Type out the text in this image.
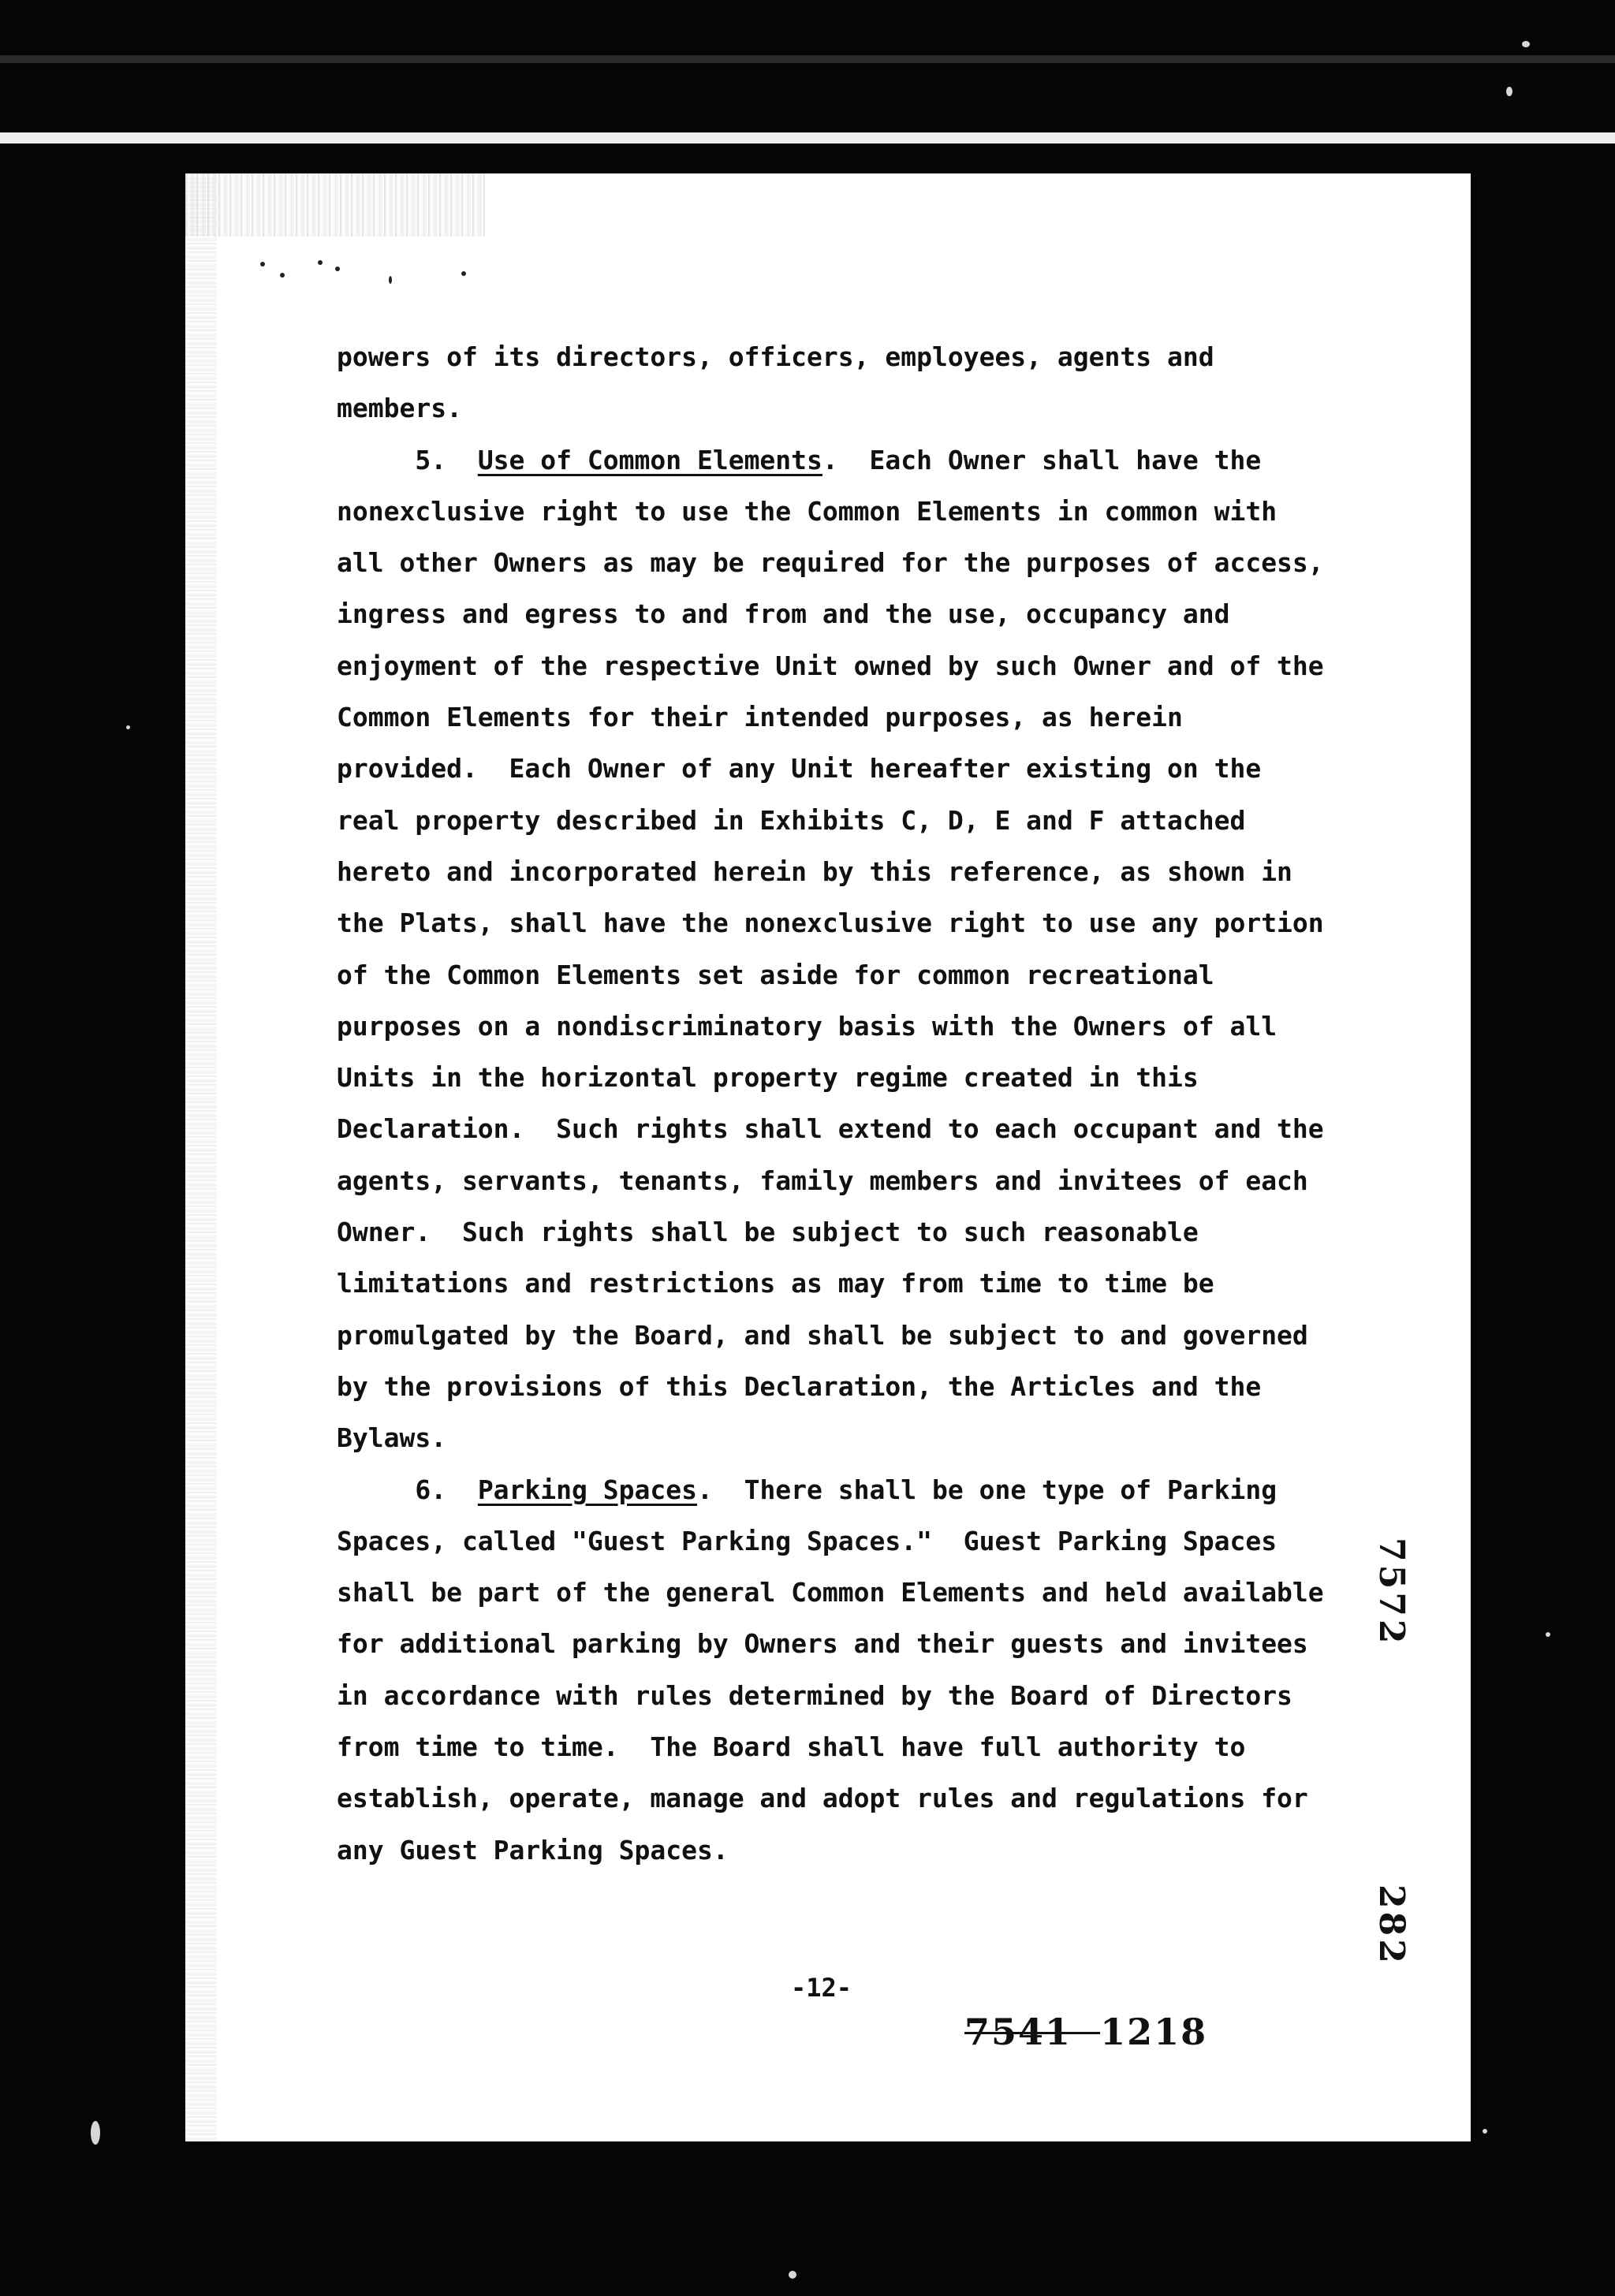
powers of its directors, officers, employees, agents and
members.
5.  Use of Common Elements.  Each Owner shall have the
nonexclusive right to use the Common Elements in common with
all other Owners as may be required for the purposes of access,
ingress and egress to and from and the use, occupancy and
enjoyment of the respective Unit owned by such Owner and of the
Common Elements for their intended purposes, as herein
provided.  Each Owner of any Unit hereafter existing on the
real property described in Exhibits C, D, E and F attached
hereto and incorporated herein by this reference, as shown in
the Plats, shall have the nonexclusive right to use any portion
of the Common Elements set aside for common recreational
purposes on a nondiscriminatory basis with the Owners of all
Units in the horizontal property regime created in this
Declaration.  Such rights shall extend to each occupant and the
agents, servants, tenants, family members and invitees of each
Owner.  Such rights shall be subject to such reasonable
limitations and restrictions as may from time to time be
promulgated by the Board, and shall be subject to and governed
by the provisions of this Declaration, the Articles and the
Bylaws.
6.  Parking Spaces.  There shall be one type of Parking
Spaces, called "Guest Parking Spaces."  Guest Parking Spaces
shall be part of the general Common Elements and held available
for additional parking by Owners and their guests and invitees
in accordance with rules determined by the Board of Directors
from time to time.  The Board shall have full authority to
establish, operate, manage and adopt rules and regulations for
any Guest Parking Spaces.
-12-
7541 1218
7572
282
